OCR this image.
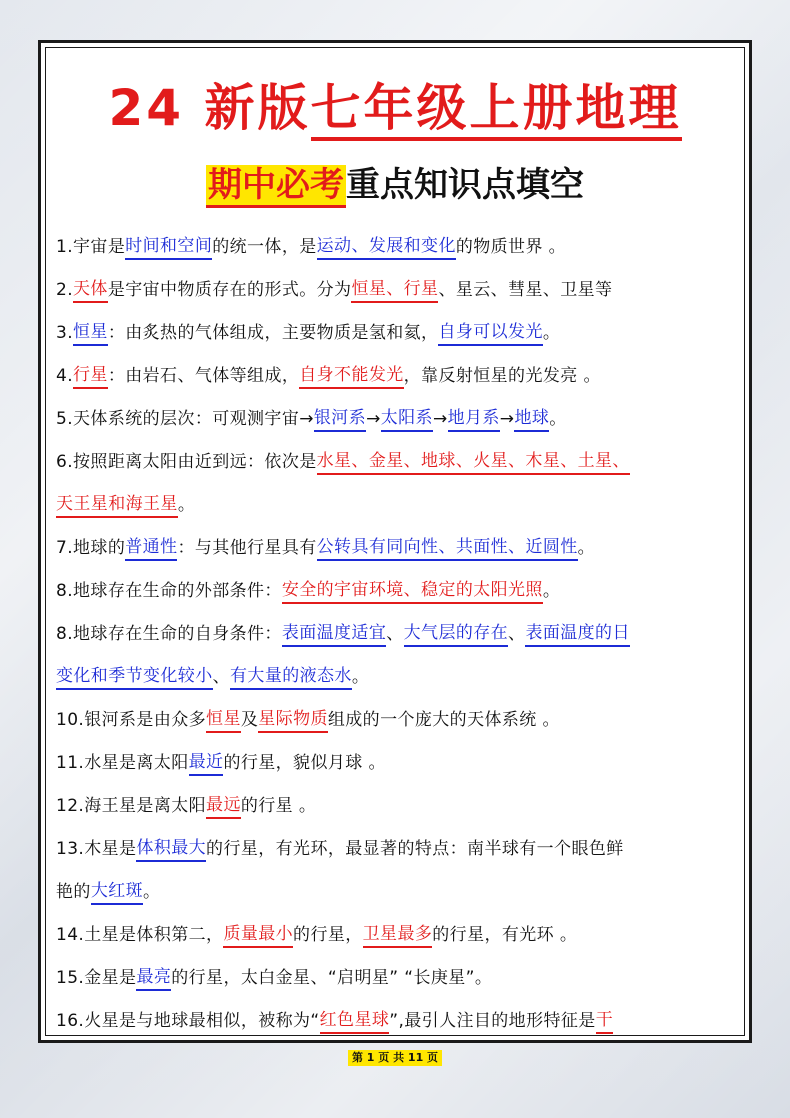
24 新版七年级上册地理
期中必考重点知识点填空
1.宇宙是 时间和空间 的统一体，是 运动、发展和变化 的物质世界 。
2. 天体 是宇宙中物质存在的形式。分为 恒星、行星 、星云、彗星、卫星等
3. 恒星 ：由炙热的气体组成，主要物质是氢和氦， 自身可以发光 。
4. 行星 ：由岩石、气体等组成， 自身不能发光 ，靠反射恒星的光发亮 。
5.天体系统的层次：可观测宇宙→ 银河系 → 太阳系 → 地月系 → 地球 。
6.按照距离太阳由近到远：依次是 水星、金星、地球、火星、木星、土星、
天王星和海王星 。
7.地球的 普通性 ：与其他行星具有 公转具有同向性、共面性、近圆性 。
8.地球存在生命的外部条件： 安全的宇宙环境、稳定的太阳光照 。
8.地球存在生命的自身条件： 表面温度适宜 、 大气层的存在 、 表面温度的日
变化和季节变化较小 、 有大量的液态水 。
10.银河系是由众多 恒星 及 星际物质 组成的一个庞大的天体系统 。
11.水星是离太阳 最近 的行星，貌似月球 。
12.海王星是离太阳 最远 的行星 。
13.木星是 体积最大 的行星，有光环，最显著的特点：南半球有一个眼色鲜
艳的 大红斑 。
14.土星是体积第二， 质量最小 的行星， 卫星最多 的行星，有光环 。
15.金星是 最亮 的行星，太白金星、“启明星” “长庚星”。
16.火星是与地球最相似，被称为“ 红色星球 ”,最引人注目的地形特征是 干
第 1 页 共 11 页
